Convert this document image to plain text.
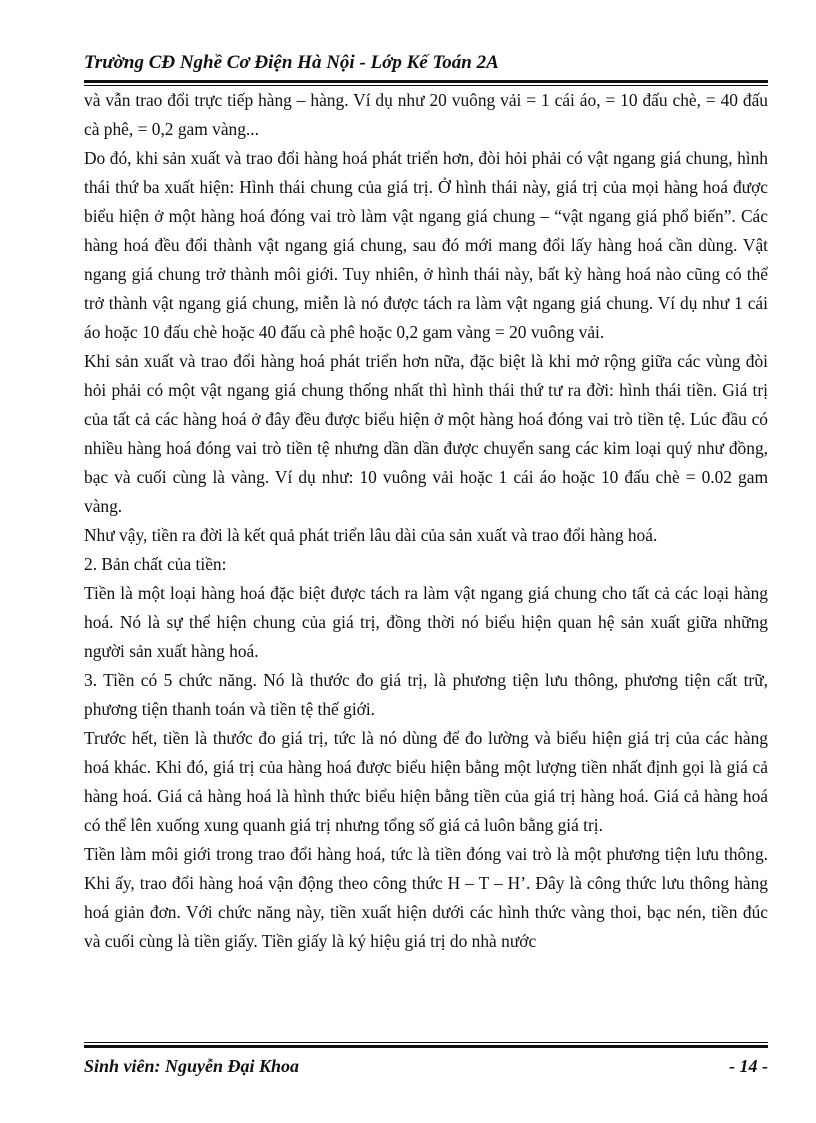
Trường CĐ Nghề Cơ Điện Hà Nội - Lớp Kế Toán 2A

và vẫn trao đổi trực tiếp hàng – hàng. Ví dụ như 20 vuông vải = 1 cái áo, = 10 đấu chè, = 40 đấu cà phê, = 0,2 gam vàng...

Do đó, khi sản xuất và trao đổi hàng hoá phát triển hơn, đòi hỏi phải có vật ngang giá chung, hình thái thứ ba xuất hiện: Hình thái chung của giá trị. Ở hình thái này, giá trị của mọi hàng hoá được biểu hiện ở một hàng hoá đóng vai trò làm vật ngang giá chung – “vật ngang giá phổ biến”. Các hàng hoá đều đổi thành vật ngang giá chung, sau đó mới mang đổi lấy hàng hoá cần dùng. Vật ngang giá chung trở thành môi giới. Tuy nhiên, ở hình thái này, bất kỳ hàng hoá nào cũng có thể trở thành vật ngang giá chung, miễn là nó được tách ra làm vật ngang giá chung. Ví dụ như 1 cái áo hoặc 10 đấu chè hoặc 40 đấu cà phê hoặc 0,2 gam vàng = 20 vuông vải.

Khi sản xuất và trao đổi hàng hoá phát triển hơn nữa, đặc biệt là khi mở rộng giữa các vùng đòi hỏi phải có một vật ngang giá chung thống nhất thì hình thái thứ tư ra đời: hình thái tiền. Giá trị của tất cả các hàng hoá ở đây đều được biểu hiện ở một hàng hoá đóng vai trò tiền tệ. Lúc đầu có nhiều hàng hoá đóng vai trò tiền tệ nhưng dần dần được chuyển sang các kim loại quý như đồng, bạc và cuối cùng là vàng. Ví dụ như: 10 vuông vải hoặc 1 cái áo hoặc 10 đấu chè = 0.02 gam vàng.

Như vậy, tiền ra đời là kết quả phát triển lâu dài của sản xuất và trao đổi hàng hoá.

2. Bản chất của tiền:

Tiền là một loại hàng hoá đặc biệt được tách ra làm vật ngang giá chung cho tất cả các loại hàng hoá. Nó là sự thể hiện chung của giá trị, đồng thời nó biểu hiện quan hệ sản xuất giữa những người sản xuất hàng hoá.

3. Tiền có 5 chức năng. Nó là thước đo giá trị, là phương tiện lưu thông, phương tiện cất trữ, phương tiện thanh toán và tiền tệ thế giới.

Trước hết, tiền là thước đo giá trị, tức là nó dùng để đo lường và biểu hiện giá trị của các hàng hoá khác. Khi đó, giá trị của hàng hoá được biểu hiện bằng một lượng tiền nhất định gọi là giá cả hàng hoá. Giá cả hàng hoá là hình thức biểu hiện bằng tiền của giá trị hàng hoá. Giá cả hàng hoá có thể lên xuống xung quanh giá trị nhưng tổng số giá cả luôn bằng giá trị.

Tiền làm môi giới trong trao đổi hàng hoá, tức là tiền đóng vai trò là một phương tiện lưu thông. Khi ấy, trao đổi hàng hoá vận động theo công thức H – T – H’. Đây là công thức lưu thông hàng hoá giản đơn. Với chức năng này, tiền xuất hiện dưới các hình thức vàng thoi, bạc nén, tiền đúc và cuối cùng là tiền giấy. Tiền giấy là ký hiệu giá trị do nhà nước

Sinh viên: Nguyễn Đại Khoa	- 14 -
